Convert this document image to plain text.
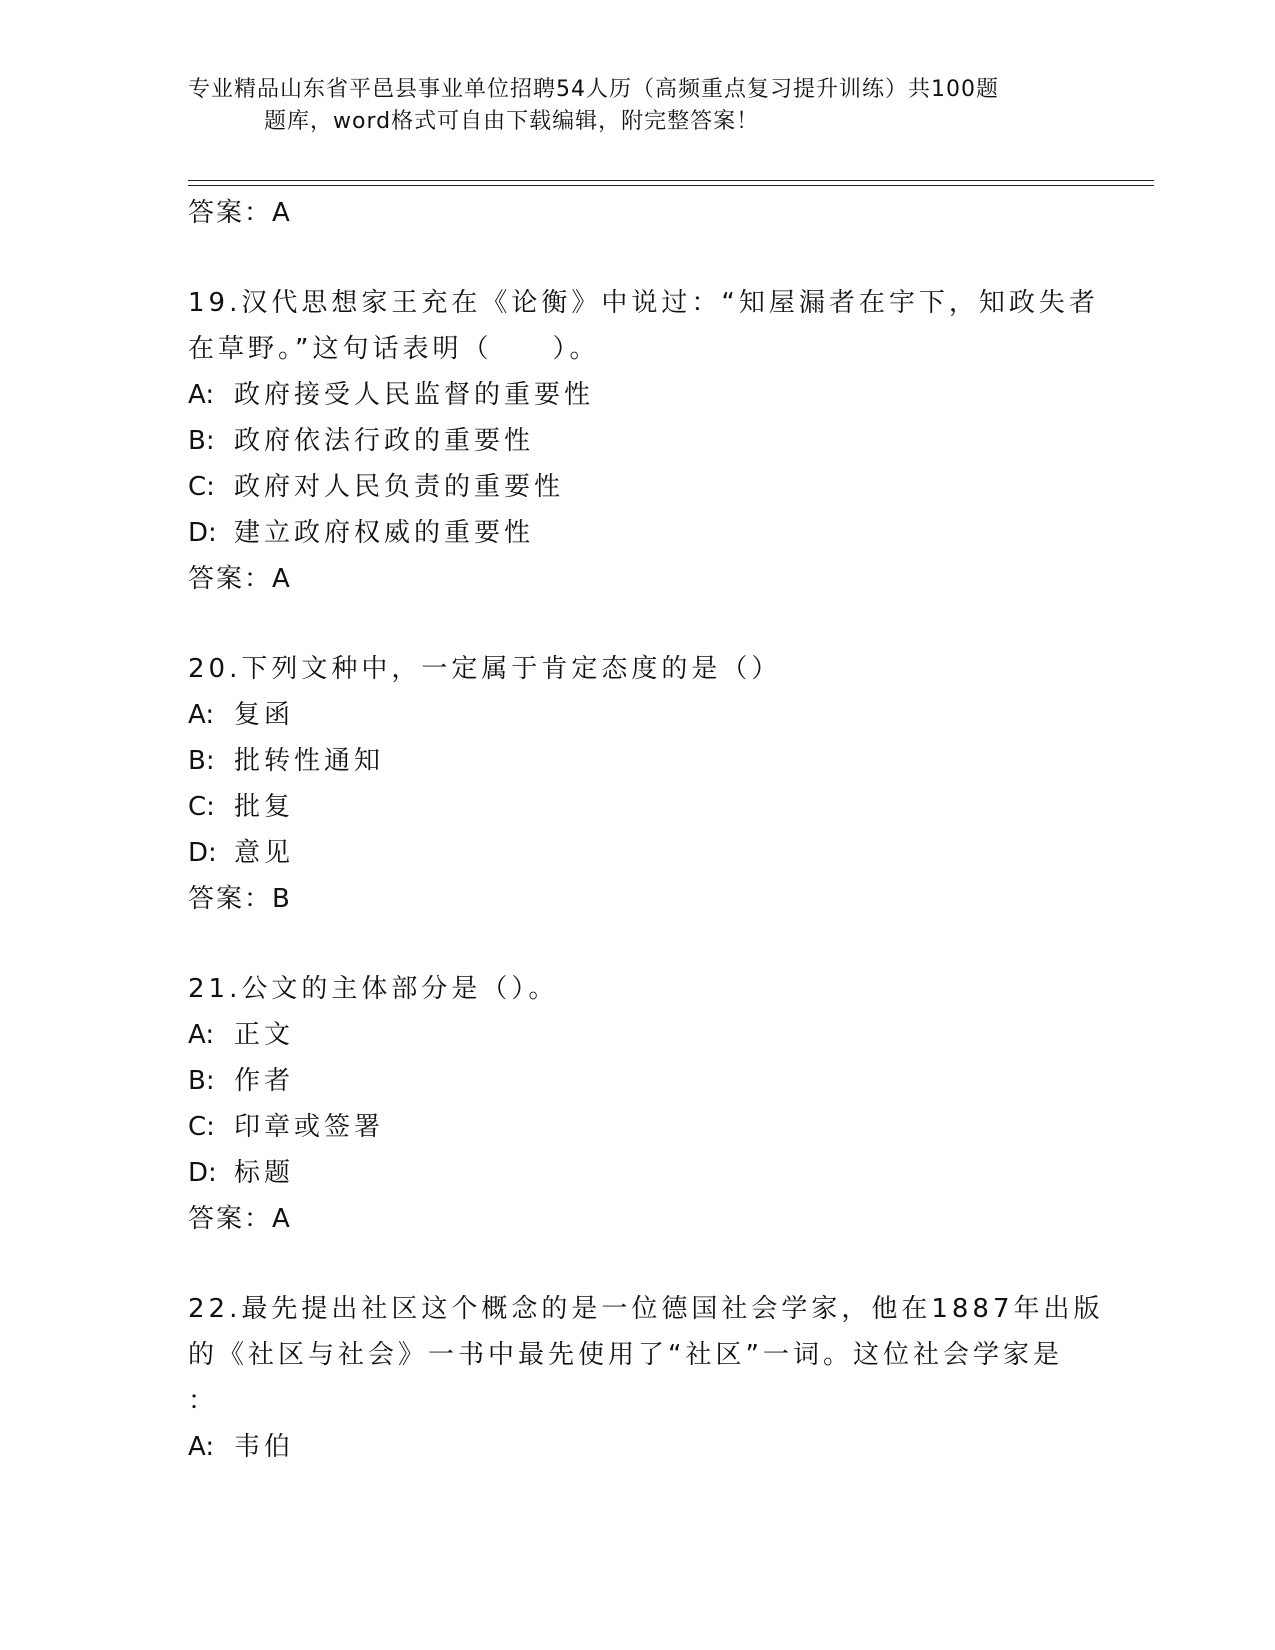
专业精品山东省平邑县事业单位招聘54人历（高频重点复习提升训练）共100题
题库，word格式可自由下载编辑，附完整答案！
答案：A
19.汉代思想家王充在《论衡》中说过：“知屋漏者在宇下，知政失者
在草野。”这句话表明（　　）。
A: 政府接受人民监督的重要性
B: 政府依法行政的重要性
C: 政府对人民负责的重要性
D: 建立政府权威的重要性
答案：A
20.下列文种中，一定属于肯定态度的是（）
A: 复函
B: 批转性通知
C: 批复
D: 意见
答案：B
21.公文的主体部分是（）。
A: 正文
B: 作者
C: 印章或签署
D: 标题
答案：A
22.最先提出社区这个概念的是一位德国社会学家，他在1887年出版
的《社区与社会》一书中最先使用了“社区”一词。这位社会学家是
：
A: 韦伯
